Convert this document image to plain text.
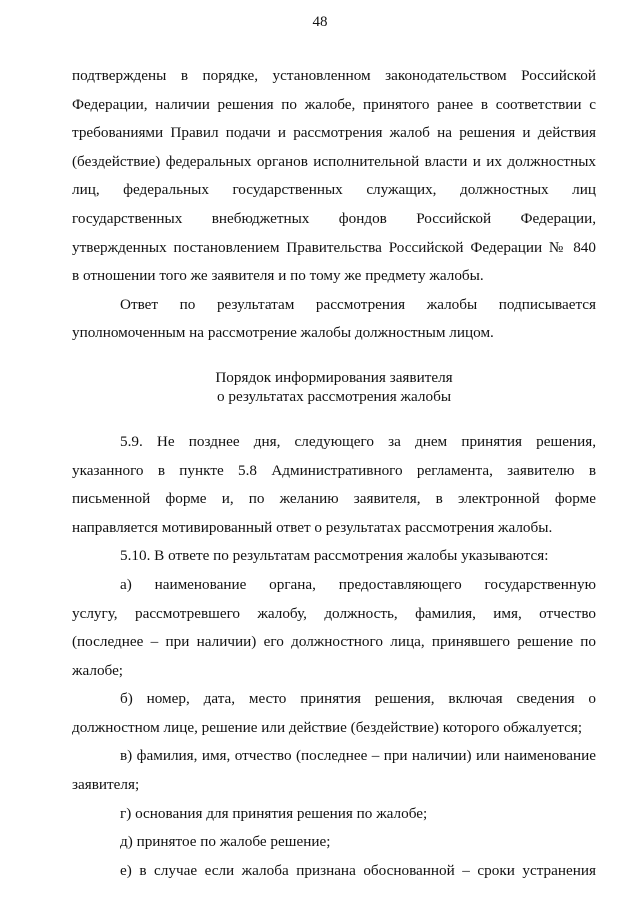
48

подтверждены в порядке, установленном законодательством Российской

Федерации, наличии решения по жалобе, принятого ранее в соответствии с

требованиями Правил подачи и рассмотрения жалоб на решения и действия

(бездействие) федеральных органов исполнительной власти и их должностных

лиц, федеральных государственных служащих, должностных лиц

государственных внебюджетных фондов Российской Федерации,

утвержденных постановлением Правительства Российской Федерации № 840

в отношении того же заявителя и по тому же предмету жалобы.

Ответ по результатам рассмотрения жалобы подписывается

уполномоченным на рассмотрение жалобы должностным лицом.

Порядок информирования заявителя
о результатах рассмотрения жалобы

5.9. Не позднее дня, следующего за днем принятия решения,

указанного в пункте 5.8 Административного регламента, заявителю в

письменной форме и, по желанию заявителя, в электронной форме

направляется мотивированный ответ о результатах рассмотрения жалобы.

5.10. В ответе по результатам рассмотрения жалобы указываются:

а) наименование органа, предоставляющего государственную

услугу, рассмотревшего жалобу, должность, фамилия, имя, отчество

(последнее – при наличии) его должностного лица, принявшего решение по

жалобе;

б) номер, дата, место принятия решения, включая сведения о

должностном лице, решение или действие (бездействие) которого обжалуется;

в) фамилия, имя, отчество (последнее – при наличии) или наименование

заявителя;

г) основания для принятия решения по жалобе;

д) принятое по жалобе решение;

е) в случае если жалоба признана обоснованной – сроки устранения
